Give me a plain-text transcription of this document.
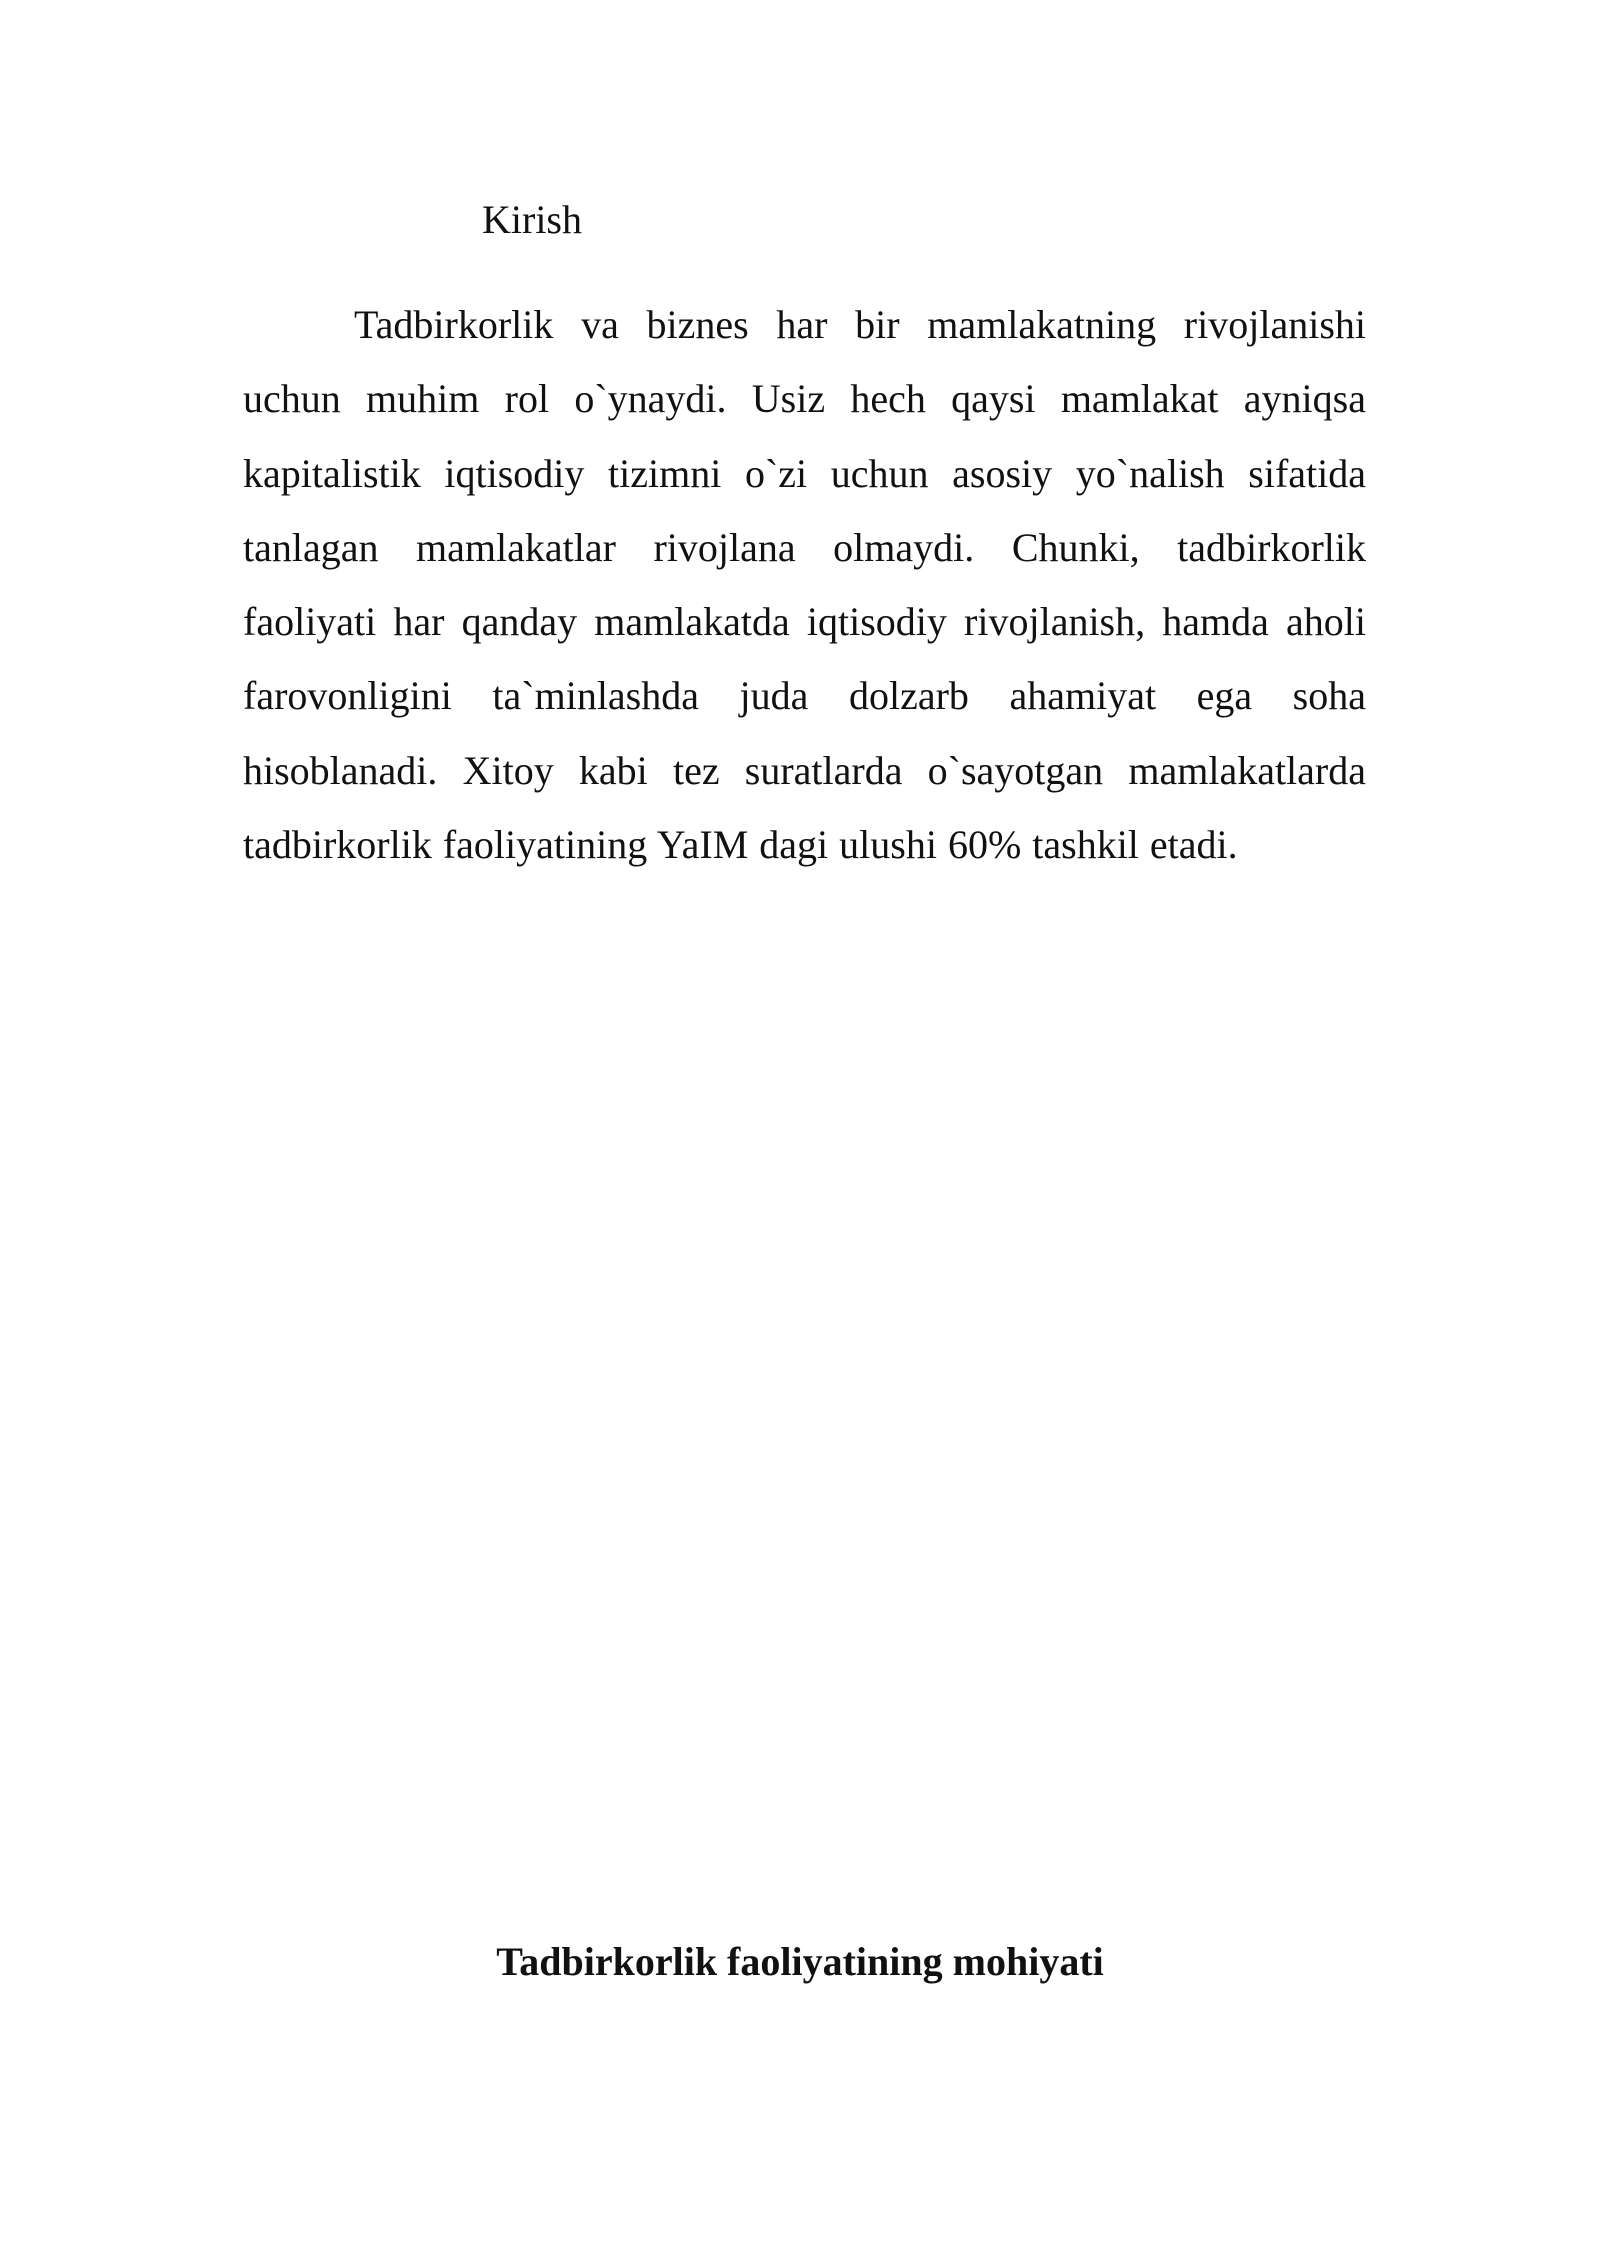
Kirish

Tadbirkorlik va biznes har bir mamlakatning rivojlanishi uchun muhim rol o`ynaydi. Usiz hech qaysi mamlakat ayniqsa kapitalistik iqtisodiy tizimni o`zi uchun asosiy yo`nalish sifatida tanlagan mamlakatlar rivojlana olmaydi. Chunki, tadbirkorlik faoliyati har qanday mamlakatda iqtisodiy rivojlanish, hamda aholi farovonligini ta`minlashda juda dolzarb ahamiyat ega soha hisoblanadi. Xitoy kabi tez suratlarda o`sayotgan mamlakatlarda tadbirkorlik faoliyatining YaIM dagi ulushi 60% tashkil etadi.

Tadbirkorlik faoliyatining mohiyati
